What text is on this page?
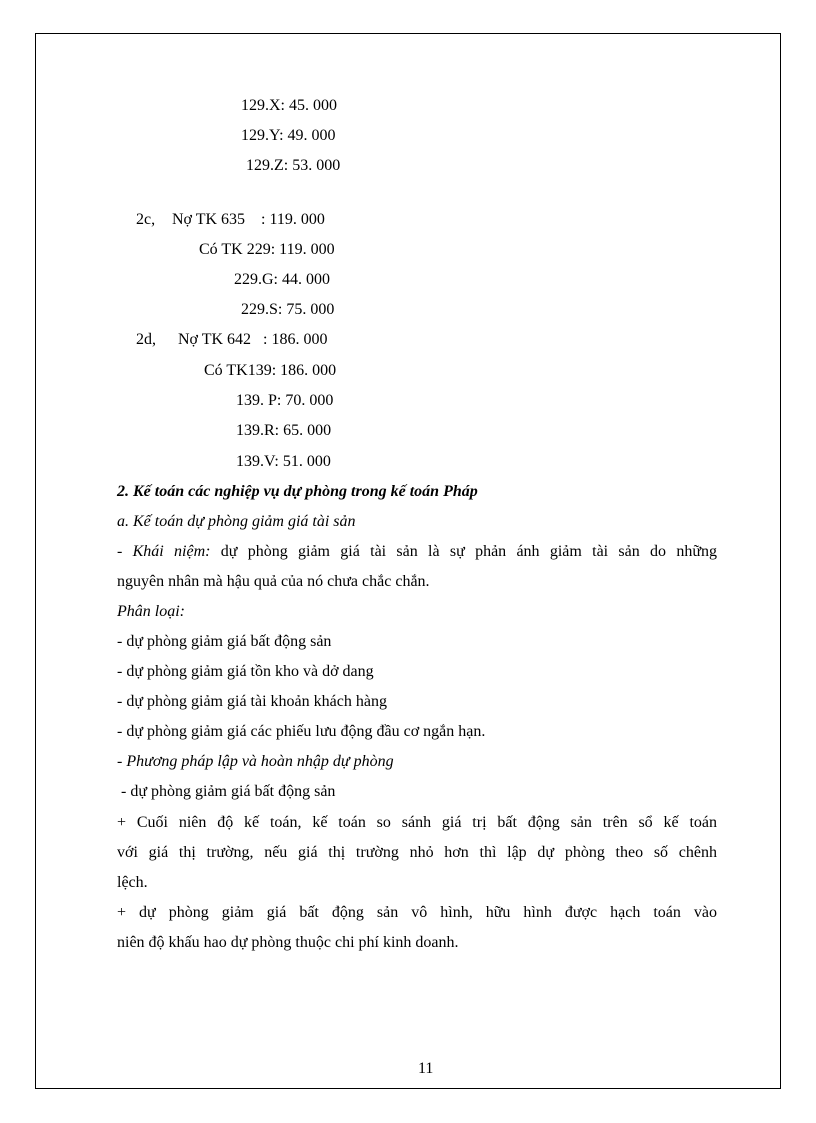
129.X: 45. 000
129.Y: 49. 000
129.Z: 53. 000
2c, Nợ TK 635    : 119. 000
Có TK 229: 119. 000
229.G: 44. 000
229.S: 75. 000
2d, Nợ TK 642   : 186. 000
Có TK139: 186. 000
139. P: 70. 000
139.R: 65. 000
139.V: 51. 000
2. Kế toán các nghiệp vụ dự phòng trong kế toán Pháp
a. Kế toán dự phòng giảm giá tài sản
- Khái niệm: dự phòng giảm giá tài sản là sự phản ánh giảm tài sản do những
nguyên nhân mà hậu quả của nó chưa chắc chắn.
Phân loại:
- dự phòng giảm giá bất động sản
- dự phòng giảm giá tồn kho và dở dang
- dự phòng giảm giá tài khoản khách hàng
- dự phòng giảm giá các phiếu lưu động đầu cơ ngắn hạn.
- Phương pháp lập và hoàn nhập dự phòng
- dự phòng giảm giá bất động sản
+ Cuối niên độ kế toán, kế toán so sánh giá trị bất động sản trên sổ kế toán
với giá thị trường, nếu giá thị trường nhỏ hơn thì lập dự phòng theo số chênh
lệch.
+ dự phòng giảm giá bất động sản vô hình, hữu hình được hạch toán vào
niên độ khấu hao dự phòng thuộc chi phí kinh doanh.
11
